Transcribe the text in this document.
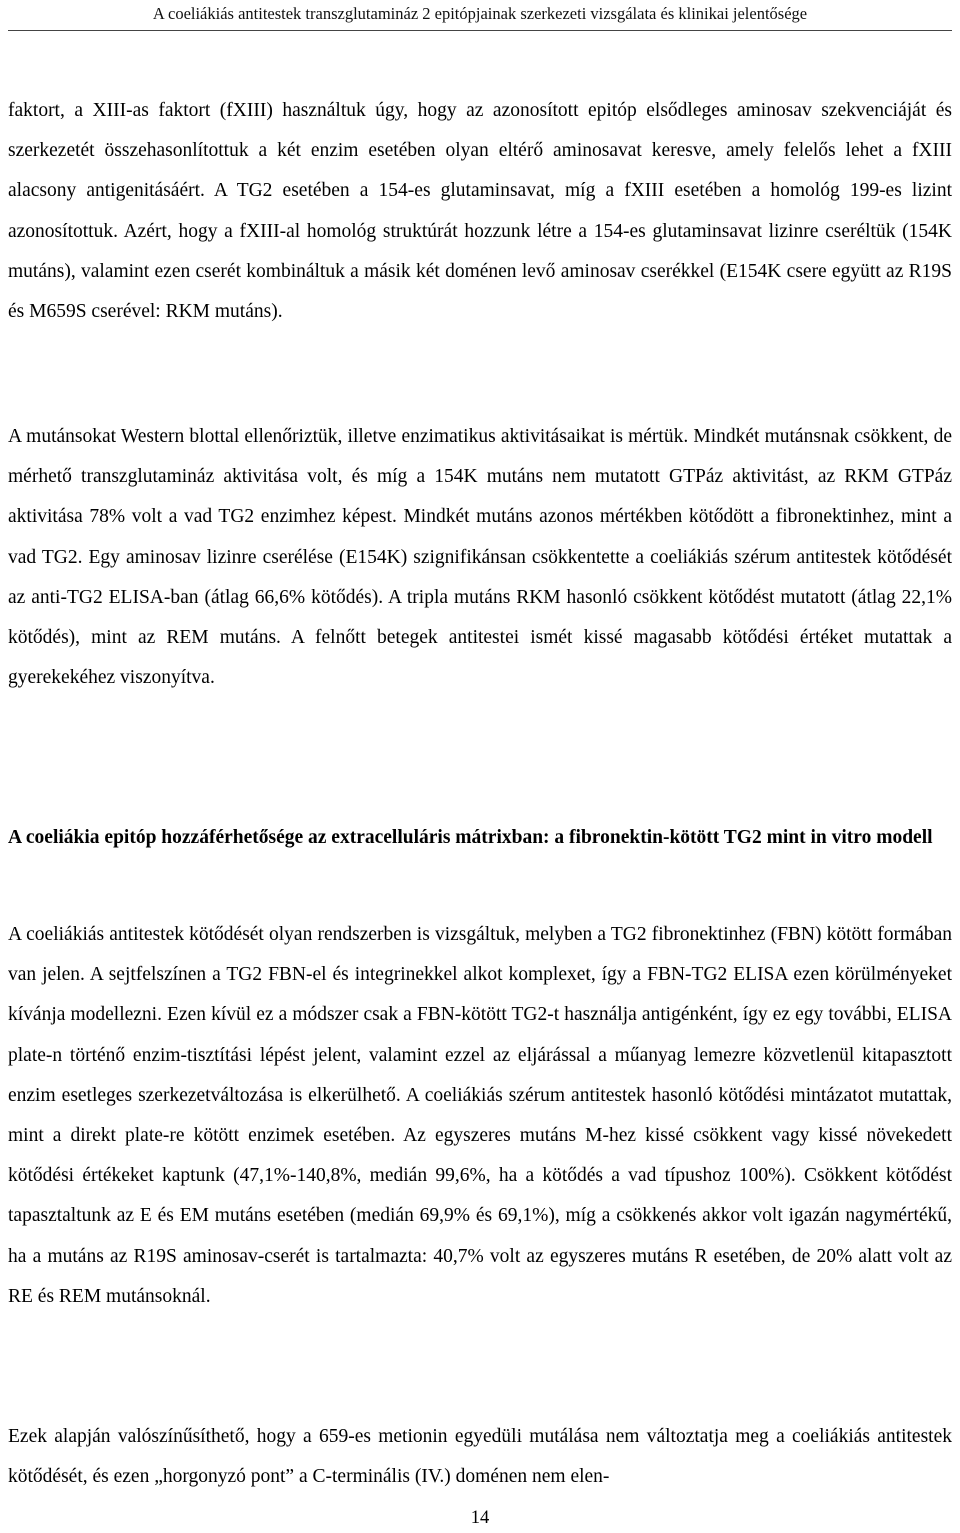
A coeliákiás antitestek transzglutamináz 2 epitópjainak szerkezeti vizsgálata és klinikai jelentősége

faktort, a XIII-as faktort (fXIII) használtuk úgy, hogy az azonosított epitóp elsődleges aminosav szekvenciáját és szerkezetét összehasonlítottuk a két enzim esetében olyan eltérő aminosavat keresve, amely felelős lehet a fXIII alacsony antigenitásáért. A TG2 esetében a 154-es glutaminsavat, míg a fXIII esetében a homológ 199-es lizint azonosítottuk. Azért, hogy a fXIII-al homológ struktúrát hozzunk létre a 154-es glutaminsavat lizinre cseréltük (154K mutáns), valamint ezen cserét kombináltuk a másik két doménen levő aminosav cserékkel (E154K csere együtt az R19S és M659S cserével: RKM mutáns).

A mutánsokat Western blottal ellenőriztük, illetve enzimatikus aktivitásaikat is mértük. Mindkét mutánsnak csökkent, de mérhető transzglutamináz aktivitása volt, és míg a 154K mutáns nem mutatott GTPáz aktivitást, az RKM GTPáz aktivitása 78% volt a vad TG2 enzimhez képest. Mindkét mutáns azonos mértékben kötődött a fibronektinhez, mint a vad TG2. Egy aminosav lizinre cserélése (E154K) szignifikánsan csökkentette a coeliákiás szérum antitestek kötődését az anti-TG2 ELISA-ban (átlag 66,6% kötődés). A tripla mutáns RKM hasonló csökkent kötődést mutatott (átlag 22,1% kötődés), mint az REM mutáns. A felnőtt betegek antitestei ismét kissé magasabb kötődési értéket mutattak a gyerekekéhez viszonyítva.

A coeliákia epitóp hozzáférhetősége az extracelluláris mátrixban: a fibronektin-kötött TG2 mint in vitro modell

A coeliákiás antitestek kötődését olyan rendszerben is vizsgáltuk, melyben a TG2 fibronektinhez (FBN) kötött formában van jelen. A sejtfelszínen a TG2 FBN-el és integrinekkel alkot komplexet, így a FBN-TG2 ELISA ezen körülményeket kívánja modellezni. Ezen kívül ez a módszer csak a FBN-kötött TG2-t használja antigénként, így ez egy további, ELISA plate-n történő enzim-tisztítási lépést jelent, valamint ezzel az eljárással a műanyag lemezre közvetlenül kitapasztott enzim esetleges szerkezetváltozása is elkerülhető. A coeliákiás szérum antitestek hasonló kötődési mintázatot mutattak, mint a direkt plate-re kötött enzimek esetében. Az egyszeres mutáns M-hez kissé csökkent vagy kissé növekedett kötődési értékeket kaptunk (47,1%-140,8%, medián 99,6%, ha a kötődés a vad típushoz 100%). Csökkent kötődést tapasztaltunk az E és EM mutáns esetében (medián 69,9% és 69,1%), míg a csökkenés akkor volt igazán nagymértékű, ha a mutáns az R19S aminosav-cserét is tartalmazta: 40,7% volt az egyszeres mutáns R esetében, de 20% alatt volt az RE és REM mutánsoknál.

Ezek alapján valószínűsíthető, hogy a 659-es metionin egyedüli mutálása nem változtatja meg a coeliákiás antitestek kötődését, és ezen „horgonyzó pont” a C-terminális (IV.) doménen nem elen-

14
